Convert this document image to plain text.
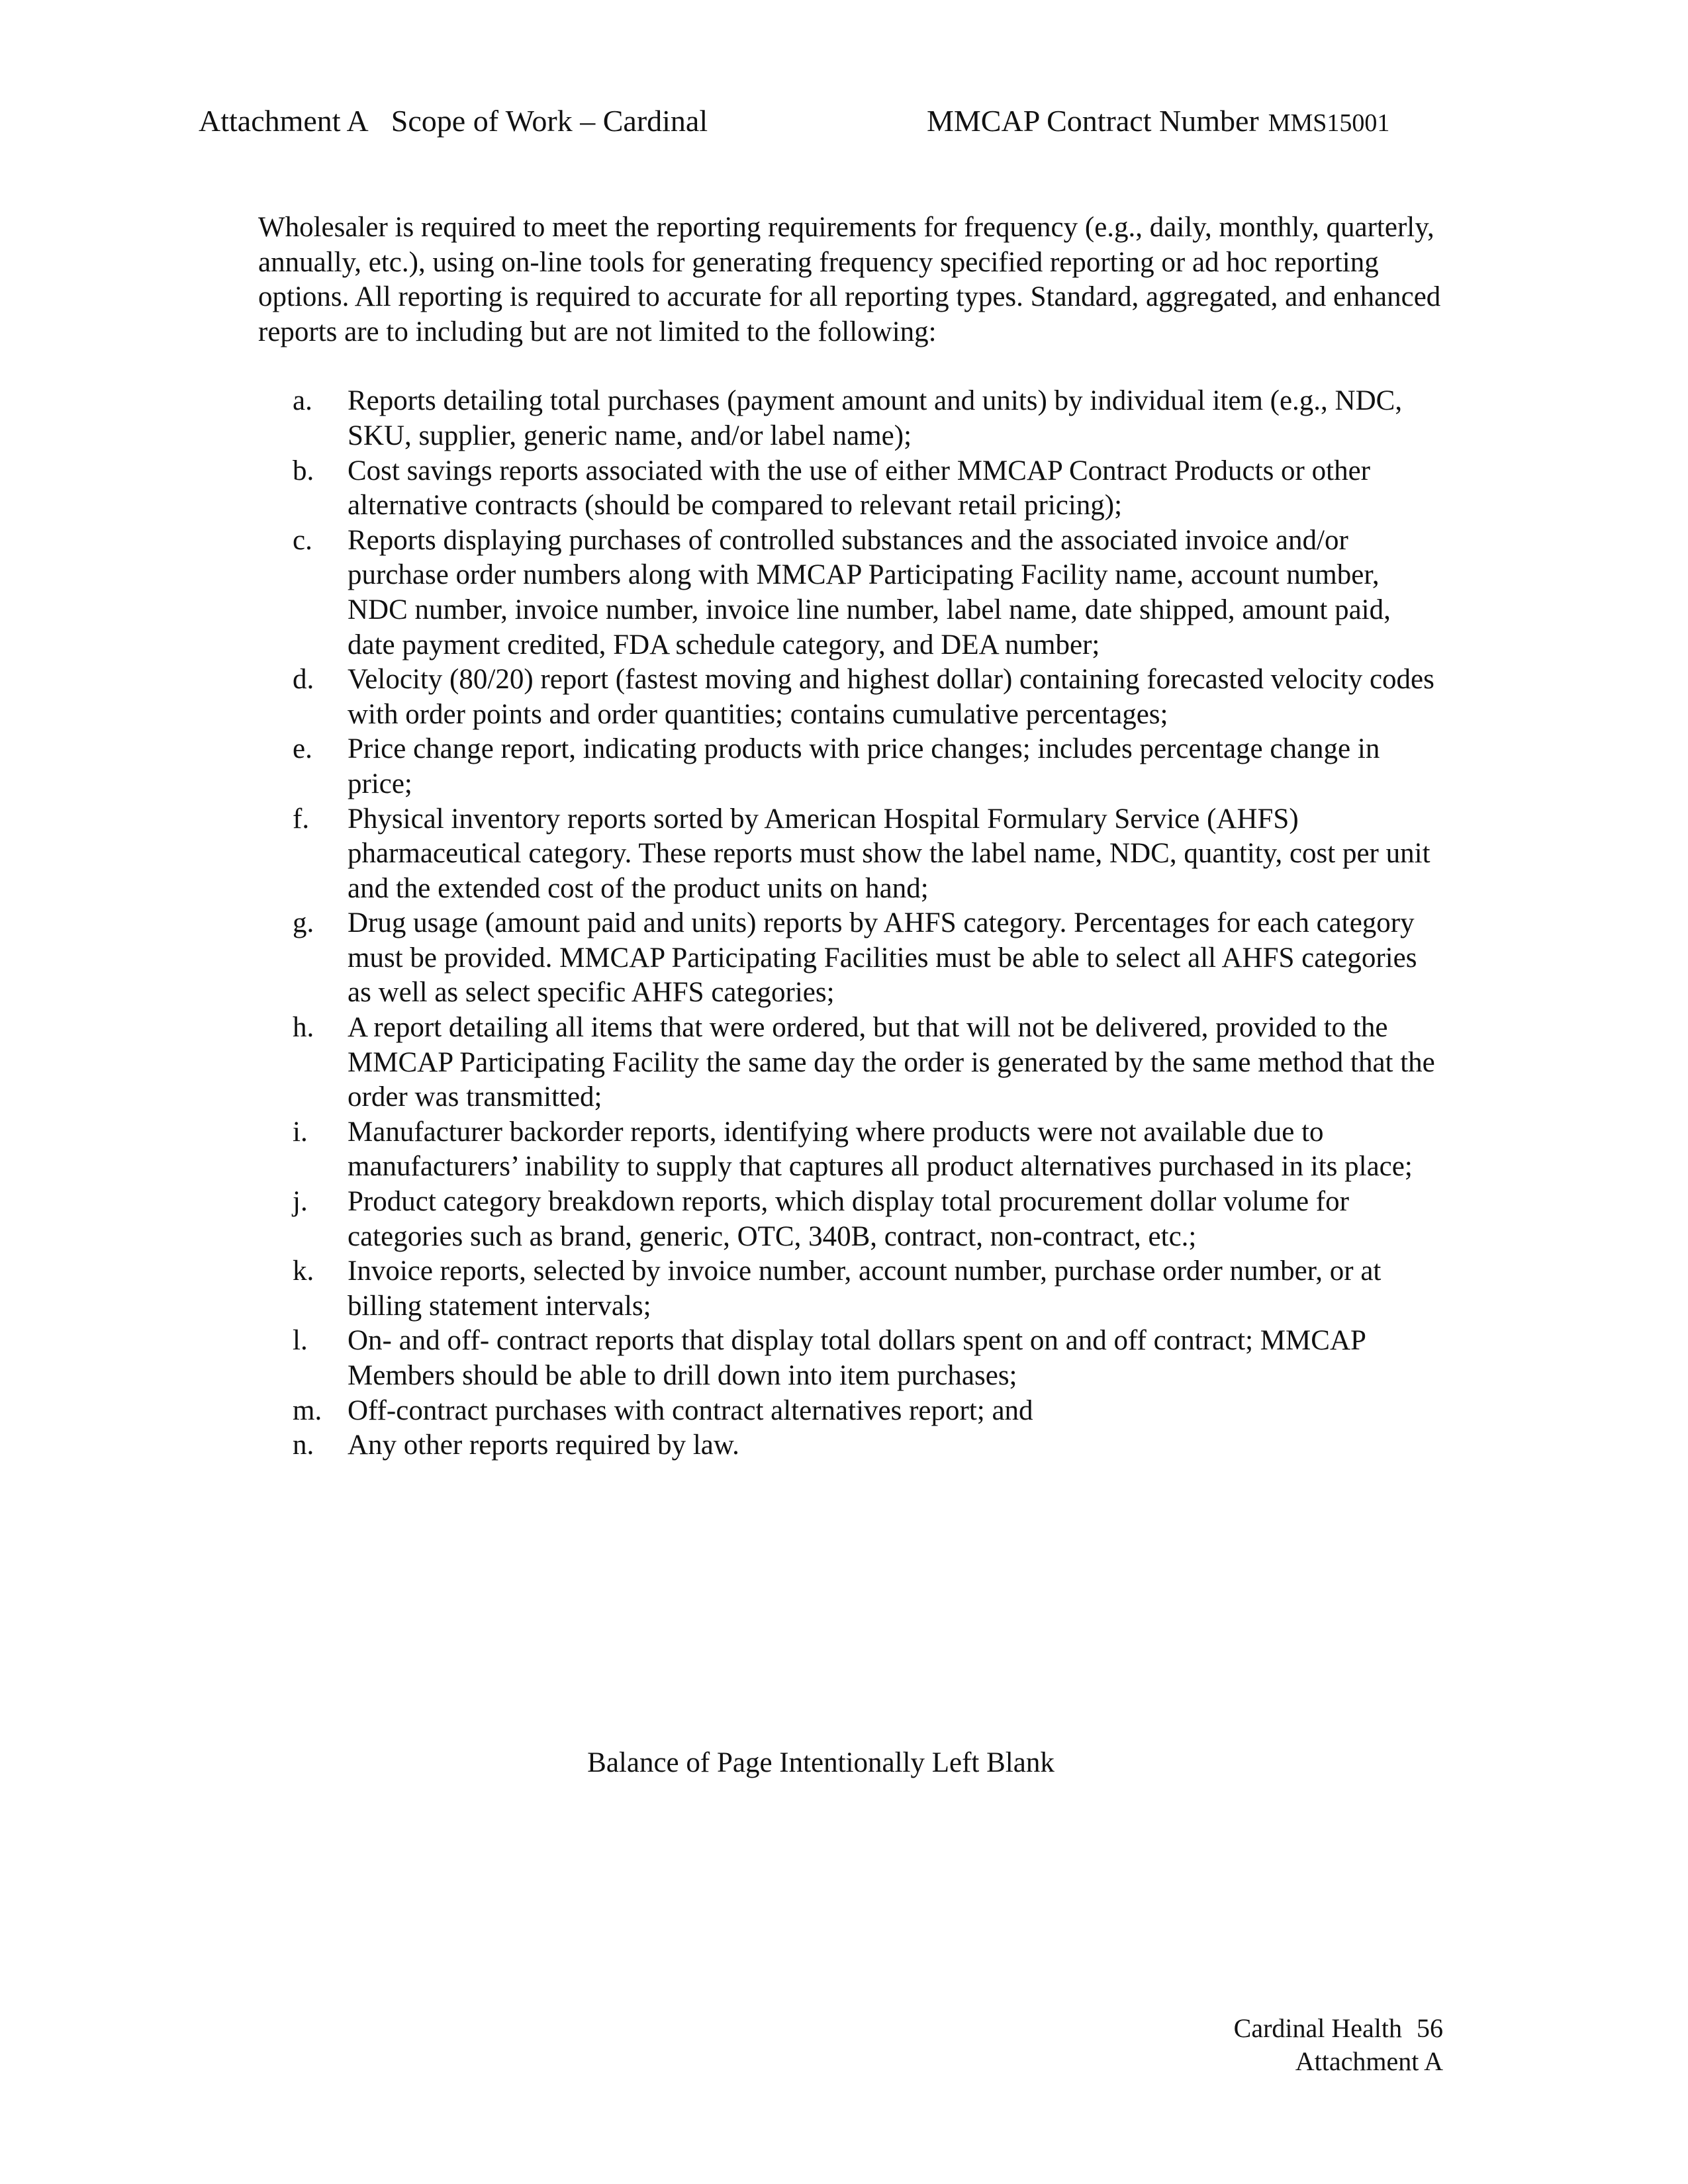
Attachment A Scope of Work – Cardinal	MMCAP Contract Number MMS15001

Wholesaler is required to meet the reporting requirements for frequency (e.g., daily, monthly, quarterly, annually, etc.), using on-line tools for generating frequency specified reporting or ad hoc reporting options. All reporting is required to accurate for all reporting types. Standard, aggregated, and enhanced reports are to including but are not limited to the following:

a. Reports detailing total purchases (payment amount and units) by individual item (e.g., NDC, SKU, supplier, generic name, and/or label name);
b. Cost savings reports associated with the use of either MMCAP Contract Products or other alternative contracts (should be compared to relevant retail pricing);
c. Reports displaying purchases of controlled substances and the associated invoice and/or purchase order numbers along with MMCAP Participating Facility name, account number, NDC number, invoice number, invoice line number, label name, date shipped, amount paid, date payment credited, FDA schedule category, and DEA number;
d. Velocity (80/20) report (fastest moving and highest dollar) containing forecasted velocity codes with order points and order quantities; contains cumulative percentages;
e. Price change report, indicating products with price changes; includes percentage change in price;
f. Physical inventory reports sorted by American Hospital Formulary Service (AHFS) pharmaceutical category. These reports must show the label name, NDC, quantity, cost per unit and the extended cost of the product units on hand;
g. Drug usage (amount paid and units) reports by AHFS category. Percentages for each category must be provided. MMCAP Participating Facilities must be able to select all AHFS categories as well as select specific AHFS categories;
h. A report detailing all items that were ordered, but that will not be delivered, provided to the MMCAP Participating Facility the same day the order is generated by the same method that the order was transmitted;
i. Manufacturer backorder reports, identifying where products were not available due to manufacturers’ inability to supply that captures all product alternatives purchased in its place;
j. Product category breakdown reports, which display total procurement dollar volume for categories such as brand, generic, OTC, 340B, contract, non-contract, etc.;
k. Invoice reports, selected by invoice number, account number, purchase order number, or at billing statement intervals;
l. On- and off- contract reports that display total dollars spent on and off contract; MMCAP Members should be able to drill down into item purchases;
m. Off-contract purchases with contract alternatives report; and
n. Any other reports required by law.
Balance of Page Intentionally Left Blank
Cardinal Health 56
Attachment A
